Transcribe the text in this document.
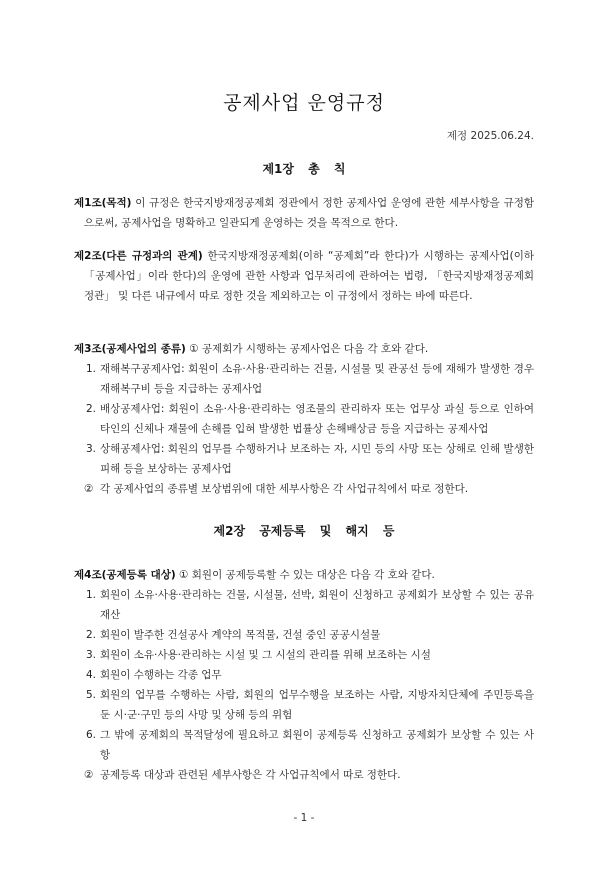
공제사업 운영규정
제정 2025.06.24.
제1장 총 칙

제1조(목적) 이 규정은 한국지방재정공제회 정관에서 정한 공제사업 운영에 관한 세부사항을 규정함으로써, 공제사업을 명확하고 일관되게 운영하는 것을 목적으로 한다.

제2조(다른 규정과의 관계) 한국지방재정공제회(이하 “공제회”라 한다)가 시행하는 공제사업(이하 「공제사업」이라 한다)의 운영에 관한 사항과 업무처리에 관하여는 법령, 「한국지방재정공제회 정관」 및 다른 내규에서 따로 정한 것을 제외하고는 이 규정에서 정하는 바에 따른다.

제3조(공제사업의 종류) ① 공제회가 시행하는 공제사업은 다음 각 호와 같다.

1. 재해복구공제사업: 회원이 소유·사용·관리하는 건물, 시설물 및 관공선 등에 재해가 발생한 경우 재해복구비 등을 지급하는 공제사업
2. 배상공제사업: 회원이 소유·사용·관리하는 영조물의 관리하자 또는 업무상 과실 등으로 인하여 타인의 신체나 재물에 손해를 입혀 발생한 법률상 손해배상금 등을 지급하는 공제사업
3. 상해공제사업: 회원의 업무를 수행하거나 보조하는 자, 시민 등의 사망 또는 상해로 인해 발생한 피해 등을 보상하는 공제사업
② 각 공제사업의 종류별 보상범위에 대한 세부사항은 각 사업규칙에서 따로 정한다.
제2장 공제등록 및 해지 등

제4조(공제등록 대상) ① 회원이 공제등록할 수 있는 대상은 다음 각 호와 같다.

1. 회원이 소유·사용·관리하는 건물, 시설물, 선박, 회원이 신청하고 공제회가 보상할 수 있는 공유재산
2. 회원이 발주한 건설공사 계약의 목적물, 건설 중인 공공시설물
3. 회원이 소유·사용·관리하는 시설 및 그 시설의 관리를 위해 보조하는 시설
4. 회원이 수행하는 각종 업무
5. 회원의 업무를 수행하는 사람, 회원의 업무수행을 보조하는 사람, 지방자치단체에 주민등록을 둔 시·군·구민 등의 사망 및 상해 등의 위험
6. 그 밖에 공제회의 목적달성에 필요하고 회원이 공제등록 신청하고 공제회가 보상할 수 있는 사항
② 공제등록 대상과 관련된 세부사항은 각 사업규칙에서 따로 정한다.
- 1 -
